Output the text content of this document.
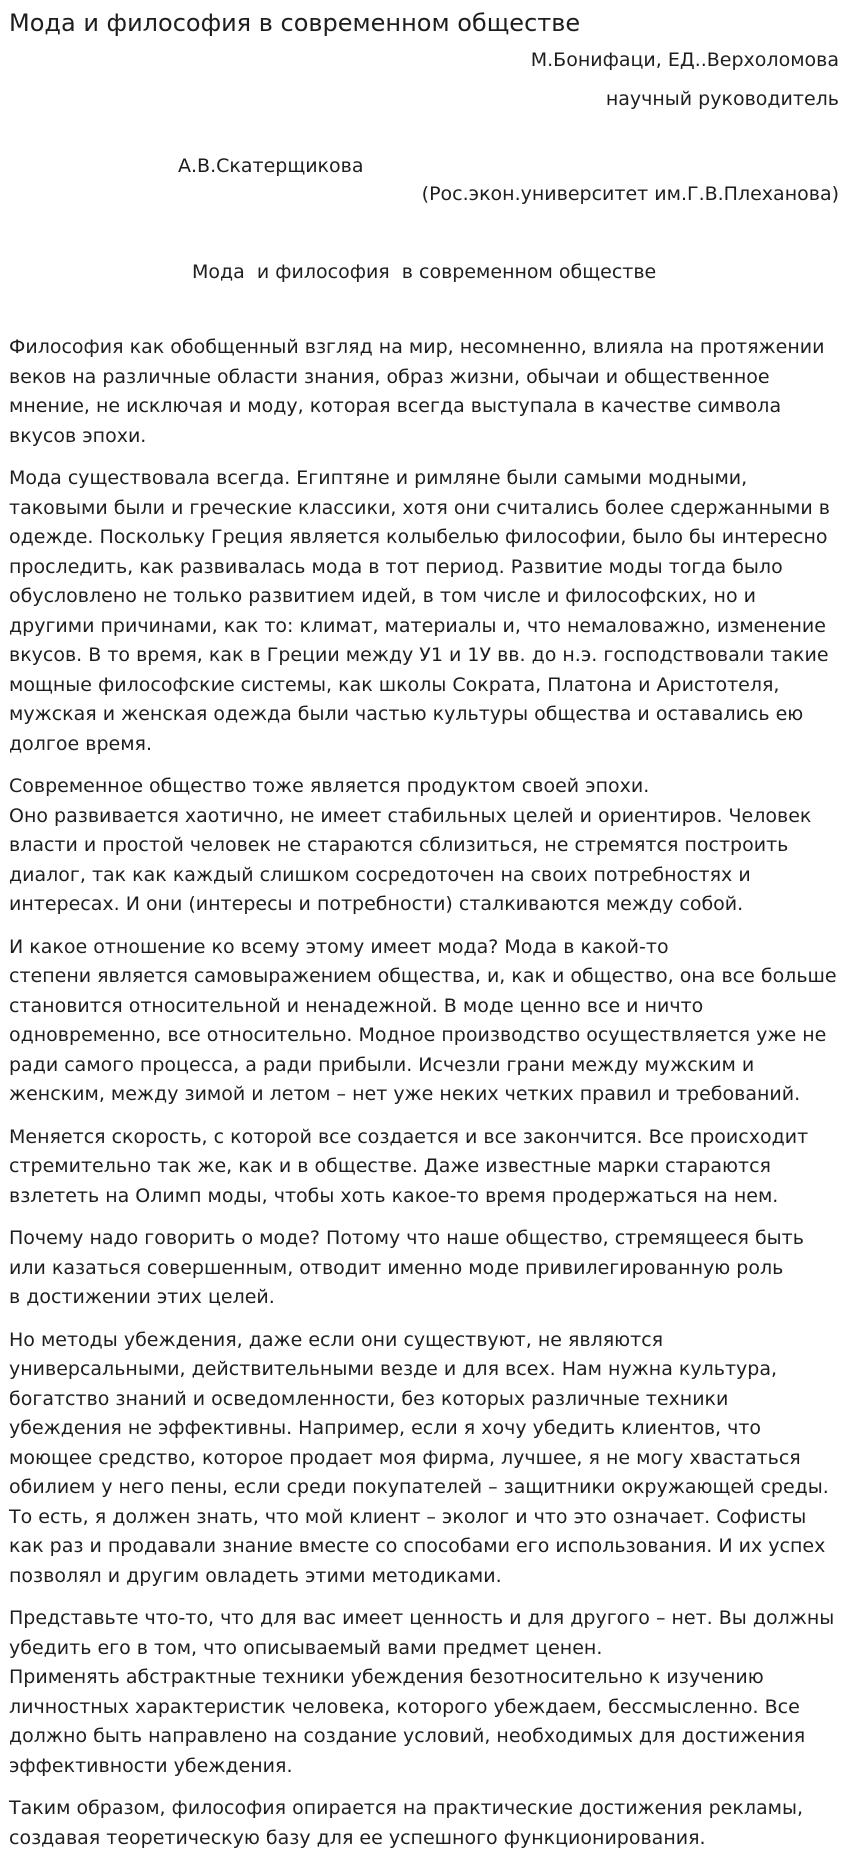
Мода и философия в современном обществе
М.Бонифаци, ЕД..Верхоломова
научный руководитель
А.В.Скатерщикова
(Рос.экон.университет им.Г.В.Плеханова)
Мода  и философия  в современном обществе

Философия как обобщенный взгляд на мир, несомненно, влияла на протяжении веков на различные области знания, образ жизни, обычаи и общественное мнение, не исключая и моду, которая всегда выступала в качестве символа вкусов эпохи.

Мода существовала всегда. Египтяне и римляне были самыми модными, таковыми были и греческие классики, хотя они считались более сдержанными в одежде. Поскольку Греция является колыбелью философии, было бы интересно проследить, как развивалась мода в тот период. Развитие моды тогда было обусловлено не только развитием идей, в том числе и философских, но и другими причинами, как то: климат, материалы и, что немаловажно, изменение вкусов. В то время, как в Греции между У1 и 1У вв. до н.э. господствовали такие мощные философские системы, как школы Сократа, Платона и Аристотеля, мужская и женская одежда были частью культуры общества и оставались ею долгое время.

Современное общество тоже является продуктом своей эпохи.
Оно развивается хаотично, не имеет стабильных целей и ориентиров. Человек власти и простой человек не стараются сблизиться, не стремятся построить диалог, так как каждый слишком сосредоточен на своих потребностях и интересах. И они (интересы и потребности) сталкиваются между собой.

И какое отношение ко всему этому имеет мода? Мода в какой-то
степени является самовыражением общества, и, как и общество, она все больше становится относительной и ненадежной. В моде ценно все и ничто одновременно, все относительно. Модное производство осуществляется уже не ради самого процесса, а ради прибыли. Исчезли грани между мужским и женским, между зимой и летом – нет уже неких четких правил и требований.

Меняется скорость, с которой все создается и все закончится. Все происходит стремительно так же, как и в обществе. Даже известные марки стараются взлететь на Олимп моды, чтобы хоть какое-то время продержаться на нем.

Почему надо говорить о моде? Потому что наше общество, стремящееся быть или казаться совершенным, отводит именно моде привилегированную роль
в достижении этих целей.

Но методы убеждения, даже если они существуют, не являются универсальными, действительными везде и для всех. Нам нужна культура, богатство знаний и осведомленности, без которых различные техники убеждения не эффективны. Например, если я хочу убедить клиентов, что моющее средство, которое продает моя фирма, лучшее, я не могу хвастаться обилием у него пены, если среди покупателей – защитники окружающей среды. То есть, я должен знать, что мой клиент – эколог и что это означает. Софисты как раз и продавали знание вместе со способами его использования. И их успех позволял и другим овладеть этими методиками.

Представьте что-то, что для вас имеет ценность и для другого – нет. Вы должны убедить его в том, что описываемый вами предмет ценен.
Применять абстрактные техники убеждения безотносительно к изучению личностных характеристик человека, которого убеждаем, бессмысленно. Все должно быть направлено на создание условий, необходимых для достижения эффективности убеждения.

Таким образом, философия опирается на практические достижения рекламы, создавая теоретическую базу для ее успешного функционирования.
